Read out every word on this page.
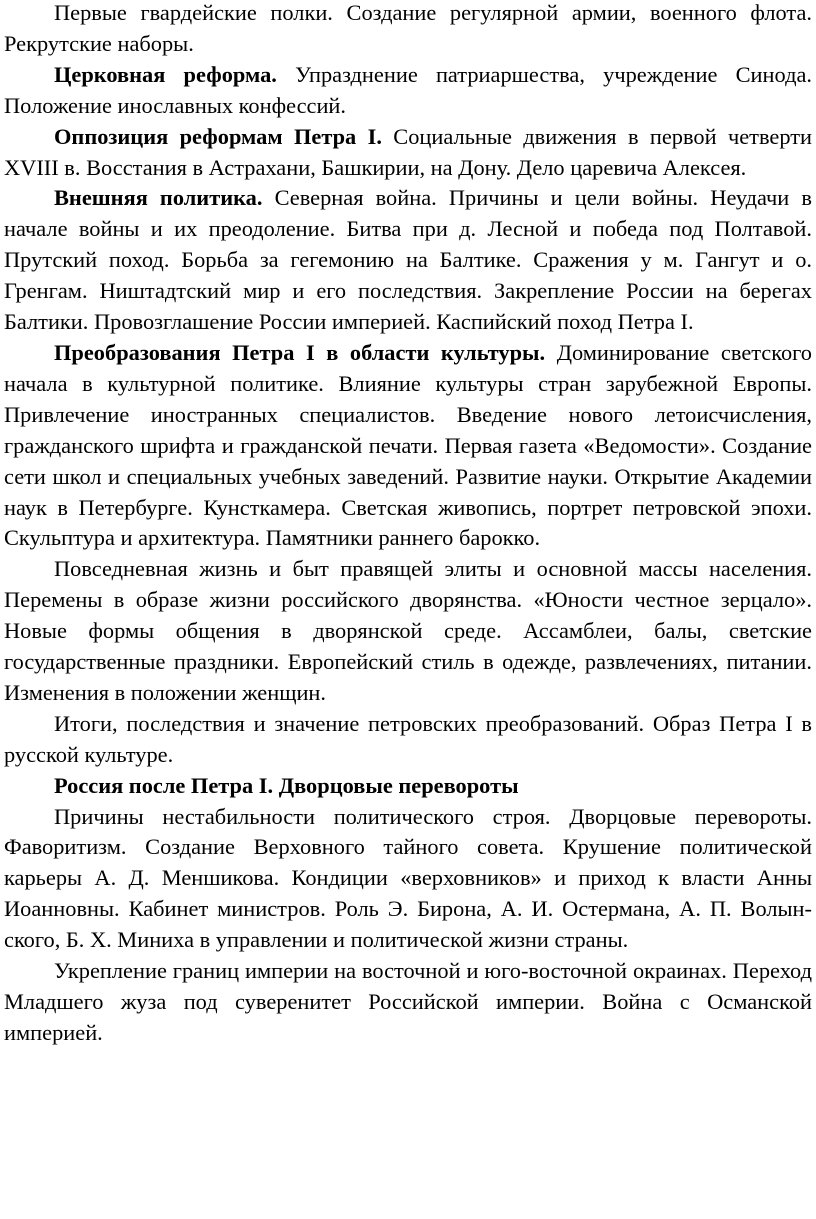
Первые гвардейские полки. Создание регулярной армии, военного флота. Рекрутские наборы.

Церковная реформа. Упразднение патриаршества, учреждение Синода. Положение инославных конфессий.

Оппозиция реформам Петра I. Социальные движения в первой четверти XVIII в. Восстания в Астрахани, Башкирии, на Дону. Дело царевича Алексея.

Внешняя политика. Северная война. Причины и цели войны. Неудачи в начале войны и их преодоление. Битва при д. Лесной и победа под Полтавой. Прутский поход. Борьба за гегемонию на Балтике. Сражения у м. Гангут и о. Гренгам. Ништадтский мир и его последствия. Закрепление России на берегах Балтики. Провозглашение России империей. Каспийский поход Петра I.

Преобразования Петра I в области культуры. Доминирование светского начала в культурной политике. Влияние культуры стран зарубежной Европы. Привлечение иностранных специалистов. Введение нового летоисчисления, гражданского шрифта и гражданской печати. Первая газета «Ведомости». Создание сети школ и специальных учебных заведений. Развитие науки. Открытие Академии наук в Петербурге. Кунсткамера. Светская живопись, портрет петровской эпохи. Скульптура и архитектура. Памятники раннего барокко.

Повседневная жизнь и быт правящей элиты и основной массы населения. Перемены в образе жизни российского дворянства. «Юности честное зерцало». Новые формы общения в дворянской среде. Ассамблеи, балы, светские государственные праздники. Европейский стиль в одежде, развлечениях, питании. Изменения в положении женщин.

Итоги, последствия и значение петровских преобразований. Образ Петра I в русской культуре.

Россия после Петра I. Дворцовые перевороты

Причины нестабильности политического строя. Дворцовые перевороты. Фаворитизм. Создание Верховного тайного совета. Крушение политической карьеры А. Д. Меншикова. Кондиции «верховников» и приход к власти Анны Иоанновны. Кабинет министров. Роль Э. Бирона, А. И. Остермана, А. П. Волын- ского, Б. Х. Миниха в управлении и политической жизни страны.

Укрепление границ империи на восточной и юго-восточной окраинах. Переход Младшего жуза под суверенитет Российской империи. Война с Османской империей.
